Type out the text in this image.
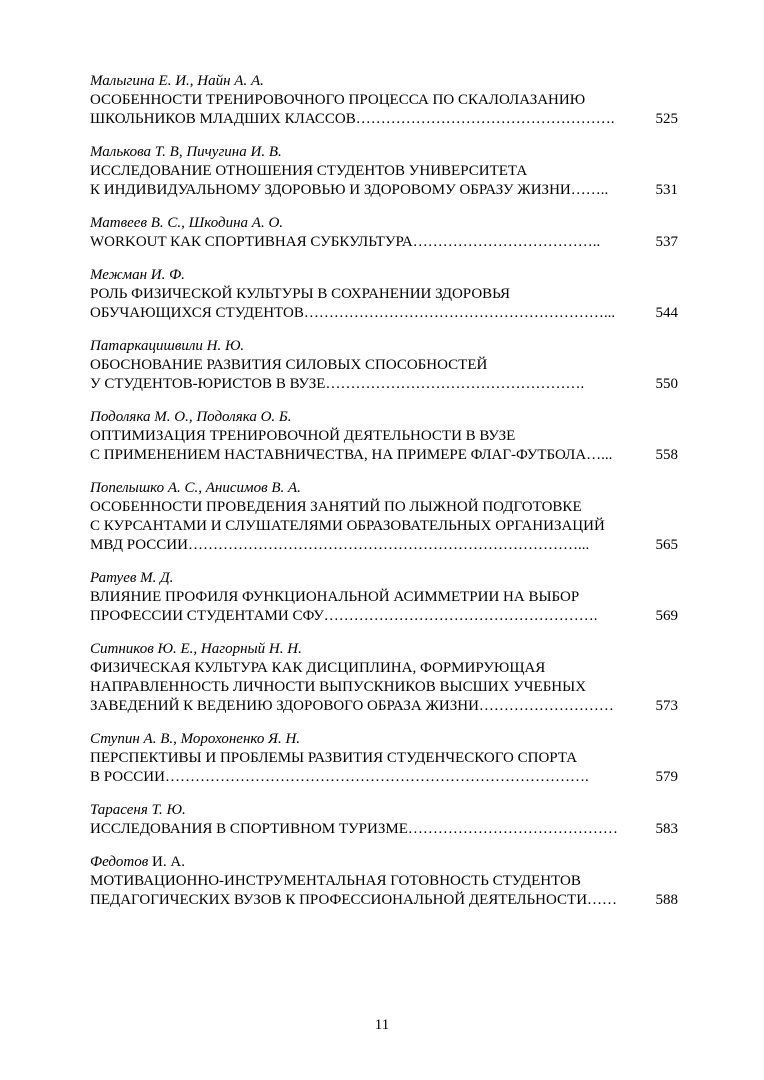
Малыгина Е. И., Найн А. А.
ОСОБЕННОСТИ ТРЕНИРОВОЧНОГО ПРОЦЕССА ПО СКАЛОЛАЗАНИЮ
ШКОЛЬНИКОВ МЛАДШИХ КЛАССОВ…………………………………………….	525
Малькова Т. В, Пичугина И. В.
ИССЛЕДОВАНИЕ ОТНОШЕНИЯ СТУДЕНТОВ УНИВЕРСИТЕТА
К ИНДИВИДУАЛЬНОМУ ЗДОРОВЬЮ И ЗДОРОВОМУ ОБРАЗУ ЖИЗНИ……..	531
Матвеев В. С., Шкодина А. О.
WORKOUT КАК СПОРТИВНАЯ СУБКУЛЬТУРА………………………………..	537
Межман И. Ф.
РОЛЬ ФИЗИЧЕСКОЙ КУЛЬТУРЫ В СОХРАНЕНИИ ЗДОРОВЬЯ
ОБУЧАЮЩИХСЯ СТУДЕНТОВ……………………………………………………...	544
Патаркацишвили Н. Ю.
ОБОСНОВАНИЕ РАЗВИТИЯ СИЛОВЫХ СПОСОБНОСТЕЙ
У СТУДЕНТОВ-ЮРИСТОВ В ВУЗЕ…………………………………………….	550
Подоляка М. О., Подоляка О. Б.
ОПТИМИЗАЦИЯ ТРЕНИРОВОЧНОЙ ДЕЯТЕЛЬНОСТИ В ВУЗЕ
С ПРИМЕНЕНИЕМ НАСТАВНИЧЕСТВА, НА ПРИМЕРЕ ФЛАГ-ФУТБОЛА…...	558
Попелышко А. С., Анисимов В. А.
ОСОБЕННОСТИ ПРОВЕДЕНИЯ ЗАНЯТИЙ ПО ЛЫЖНОЙ ПОДГОТОВКЕ
С КУРСАНТАМИ И СЛУШАТЕЛЯМИ ОБРАЗОВАТЕЛЬНЫХ ОРГАНИЗАЦИЙ
МВД РОССИИ……………………………………………………………………...	565
Ратуев М. Д.
ВЛИЯНИЕ ПРОФИЛЯ ФУНКЦИОНАЛЬНОЙ АСИММЕТРИИ НА ВЫБОР
ПРОФЕССИИ СТУДЕНТАМИ СФУ……………………………………………….	569
Ситников Ю. Е., Нагорный Н. Н.
ФИЗИЧЕСКАЯ КУЛЬТУРА КАК ДИСЦИПЛИНА, ФОРМИРУЮЩАЯ
НАПРАВЛЕННОСТЬ ЛИЧНОСТИ ВЫПУСКНИКОВ ВЫСШИХ УЧЕБНЫХ
ЗАВЕДЕНИЙ К ВЕДЕНИЮ ЗДОРОВОГО ОБРАЗА ЖИЗНИ………………………	573
Ступин А. В., Морохоненко Я. Н.
ПЕРСПЕКТИВЫ И ПРОБЛЕМЫ РАЗВИТИЯ СТУДЕНЧЕСКОГО СПОРТА
В РОССИИ………………………………………………………………………….	579
Тарасеня Т. Ю.
ИССЛЕДОВАНИЯ В СПОРТИВНОМ ТУРИЗМЕ……………………………………	583
Федотов И. А.
МОТИВАЦИОННО-ИНСТРУМЕНТАЛЬНАЯ ГОТОВНОСТЬ СТУДЕНТОВ
ПЕДАГОГИЧЕСКИХ ВУЗОВ К ПРОФЕССИОНАЛЬНОЙ ДЕЯТЕЛЬНОСТИ……	588
11
